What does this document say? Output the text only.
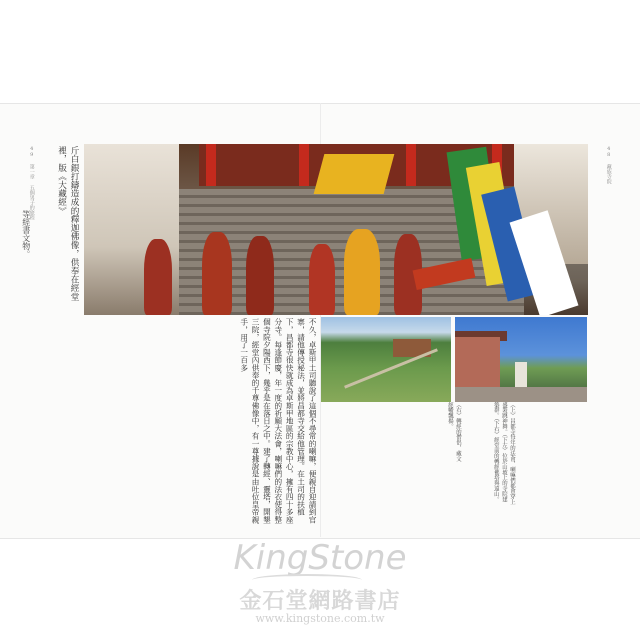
49 第一章 五個男子的旅程	48 藏族寺院
斤白銀打鑄造成的釋迦佛像，供奉在經堂裡，版《大藏經》
不久，卓斯甲土司聽說了這個不尋常的喇嘛，便親自迎請到官寨，請他傳授秘法，並將昌都寺交給他管理。在土司的扶植下，昌都寺很快就成為卓斯甲地區的宗教中心，擁有四十多座分寺。每逢節慶，年一度的祈願大法會，喇嘛們的法衣使得整個寺院夕陽西下，幾乎是在落日之中。建了轉經、靈塔，開墾三院，經堂內供奉的千尊佛像中，有一尊據說是由吐位皇帝親手，用了一百多
（上）昌都寺每年的法會，喇嘛們都會穿上盛裝跳神舞。（下左）位於山坡上的寺院建築群。（下右）經堂前的轉經佛塔與遠山。
（右）轉經的僧侶，藏文經幡飄揚。
等經書文物。
KingStone
金石堂網路書店
www.kingstone.com.tw
